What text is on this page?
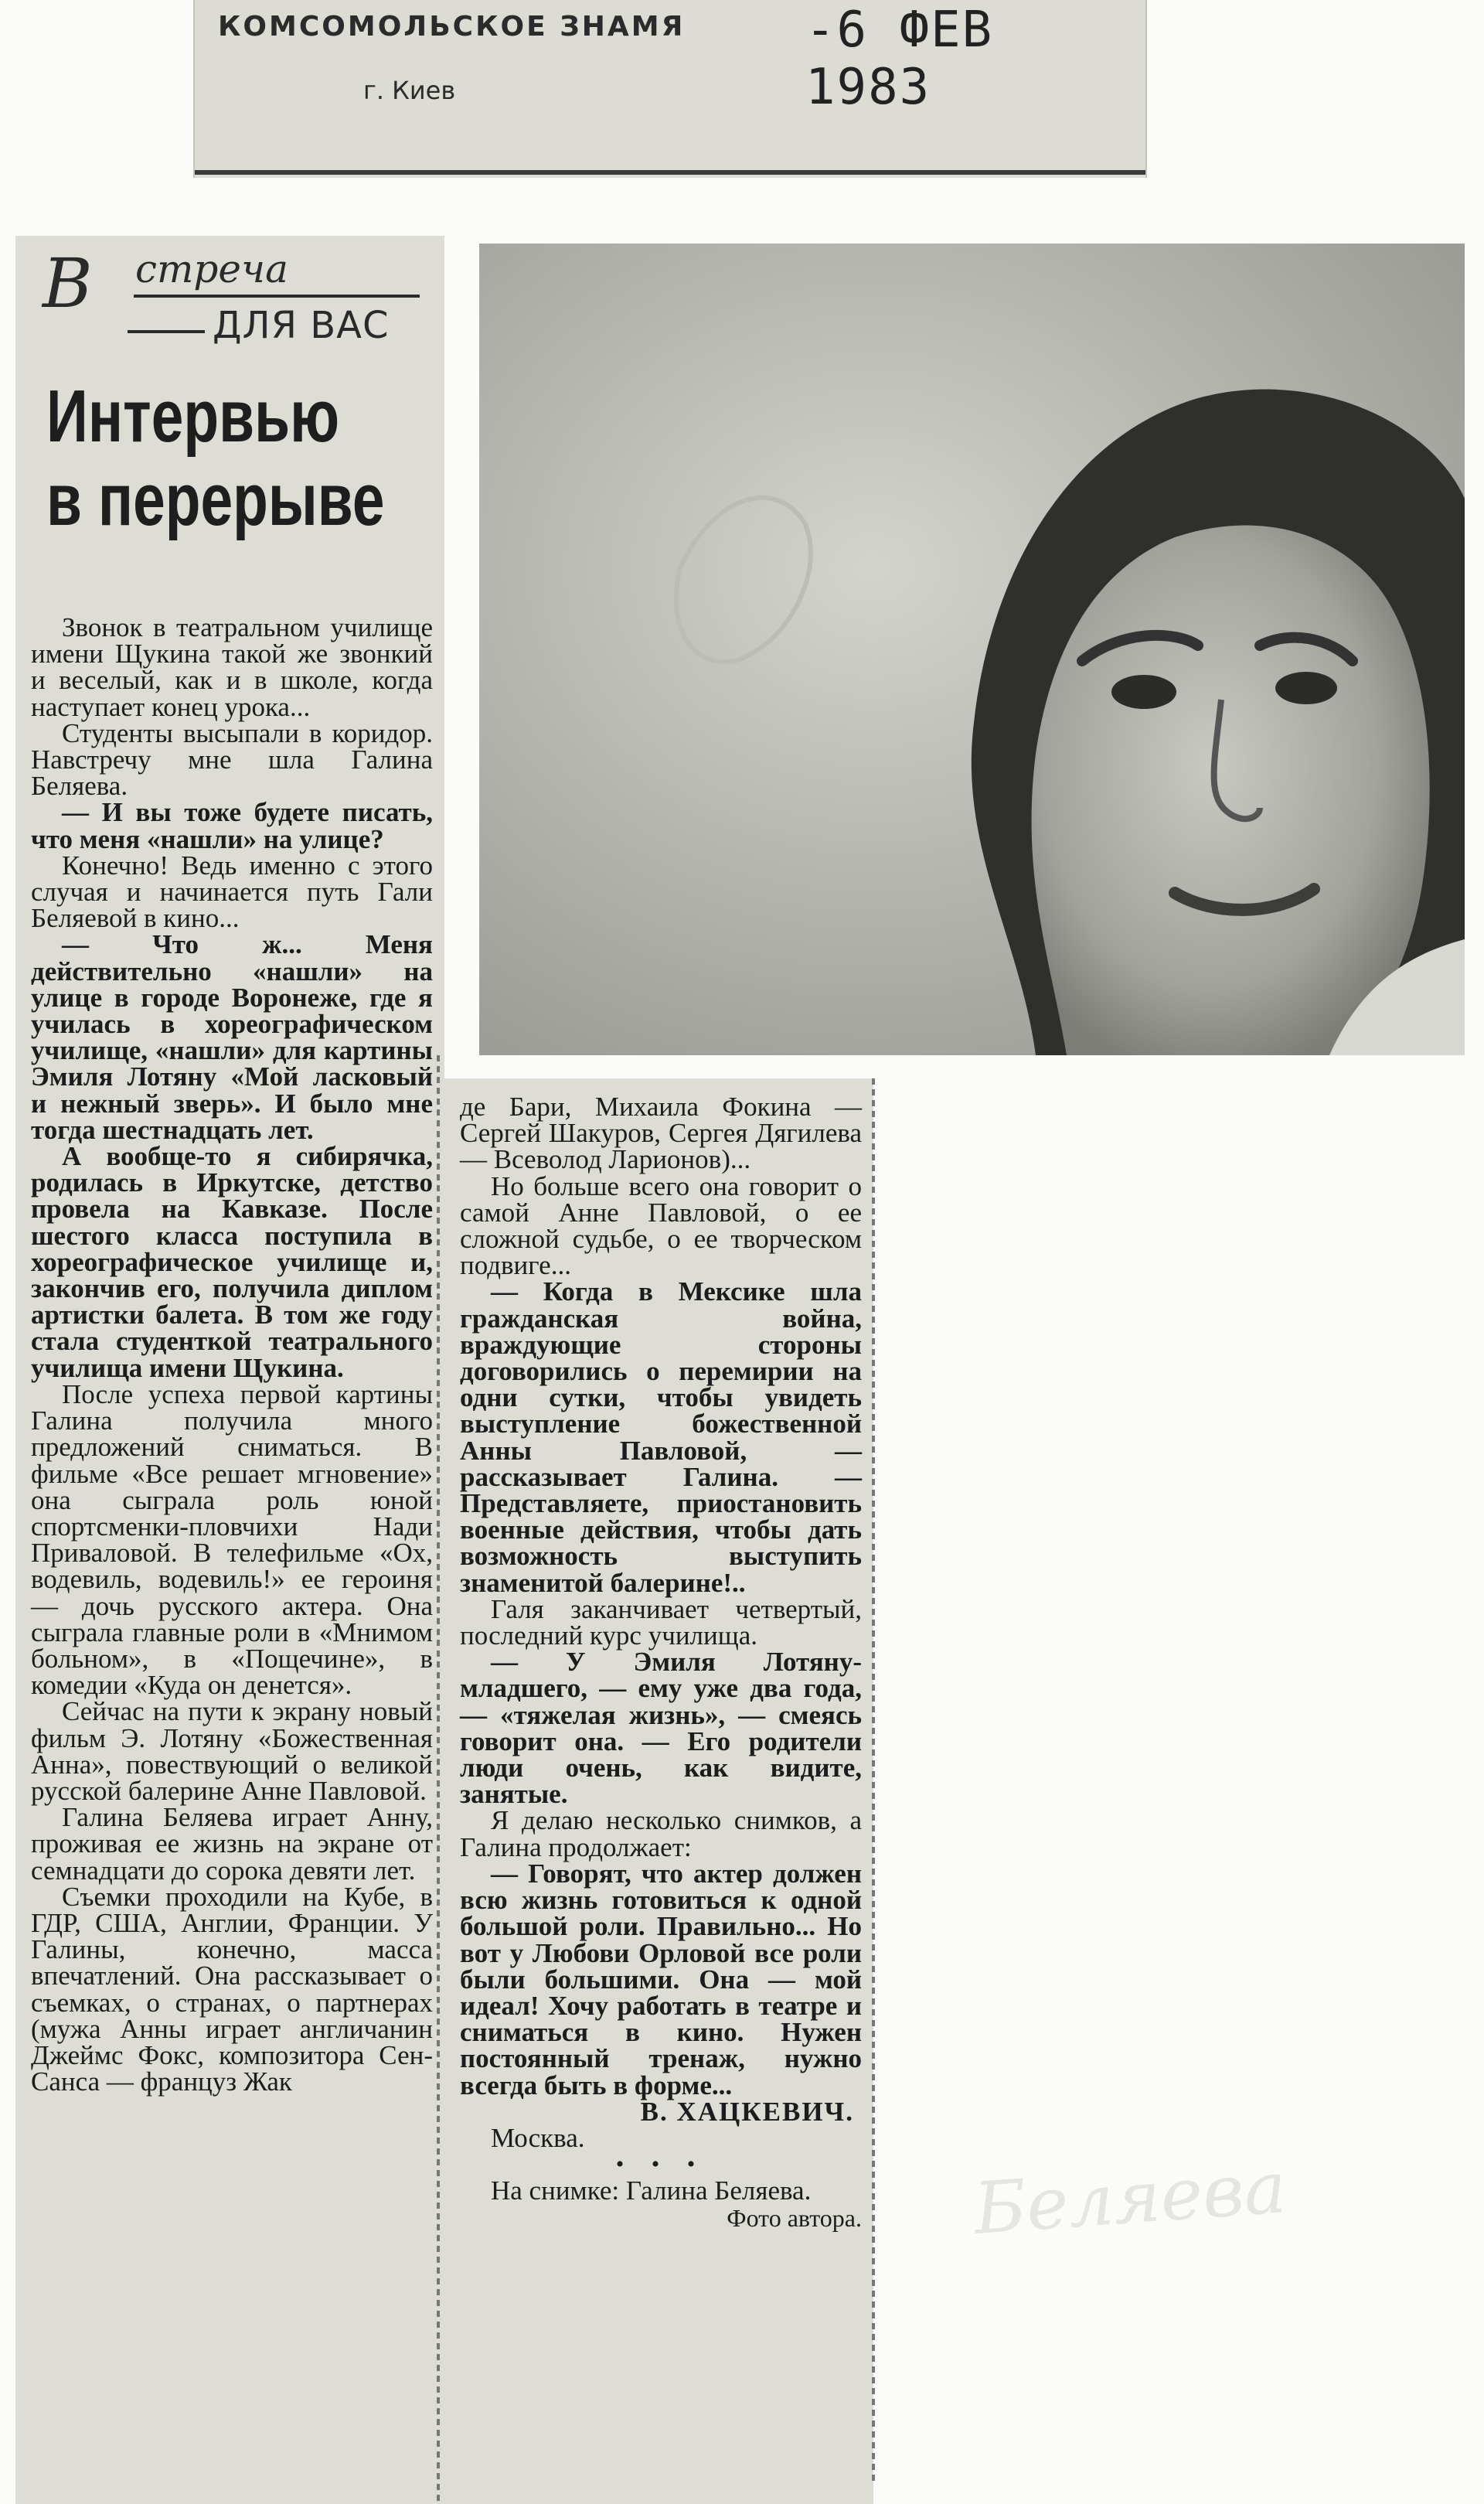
КОМСОМОЛЬСКОЕ ЗНАМЯ
г. Киев
-6 ФЕВ 1983
В стреча
ДЛЯ ВАС
Интервью
в перерыве

Звонок в театральном училище имени Щукина такой же звонкий и веселый, как и в школе, когда наступает конец урока...

Студенты высыпали в коридор. Навстречу мне шла Галина Беляева.

— И вы тоже будете писать, что меня «нашли» на улице?

Конечно! Ведь именно с этого случая и начинается путь Гали Беляевой в кино...

— Что ж... Меня действительно «нашли» на улице в городе Воронеже, где я училась в хореографическом училище, «нашли» для картины Эмиля Лотяну «Мой ласковый и нежный зверь». И было мне тогда шестнадцать лет.

А вообще-то я сибирячка, родилась в Иркутске, детство провела на Кавказе. После шестого класса поступила в хореографическое училище и, закончив его, получила диплом артистки балета. В том же году стала студенткой театрального училища имени Щукина.

После успеха первой картины Галина получила много предложений сниматься. В фильме «Все решает мгновение» она сыграла роль юной спортсменки-пловчихи Нади Приваловой. В телефильме «Ох, водевиль, водевиль!» ее героиня — дочь русского актера. Она сыграла главные роли в «Мнимом больном», в «Пощечине», в комедии «Куда он денется».

Сейчас на пути к экрану новый фильм Э. Лотяну «Божественная Анна», повествующий о великой русской балерине Анне Павловой.

Галина Беляева играет Анну, проживая ее жизнь на экране от семнадцати до сорока девяти лет.

Съемки проходили на Кубе, в ГДР, США, Англии, Франции. У Галины, конечно, масса впечатлений. Она рассказывает о съемках, о странах, о партнерах (мужа Анны играет англичанин Джеймс Фокс, композитора Сен-Санса — француз Жак

де Бари, Михаила Фокина — Сергей Шакуров, Сергея Дягилева — Всеволод Ларионов)...

Но больше всего она говорит о самой Анне Павловой, о ее сложной судьбе, о ее творческом подвиге...

— Когда в Мексике шла гражданская война, враждующие стороны договорились о перемирии на одни сутки, чтобы увидеть выступление божественной Анны Павловой, — рассказывает Галина. — Представляете, приостановить военные действия, чтобы дать возможность выступить знаменитой балерине!..

Галя заканчивает четвертый, последний курс училища.

— У Эмиля Лотяну-младшего, — ему уже два года, — «тяжелая жизнь», — смеясь говорит она. — Его родители люди очень, как видите, занятые.

Я делаю несколько снимков, а Галина продолжает:

— Говорят, что актер должен всю жизнь готовиться к одной большой роли. Правильно... Но вот у Любови Орловой все роли были большими. Она — мой идеал! Хочу работать в театре и сниматься в кино. Нужен постоянный тренаж, нужно всегда быть в форме...

В. ХАЦКЕВИЧ.

Москва.

• • •

На снимке: Галина Беляева.

Фото автора. Беляева
